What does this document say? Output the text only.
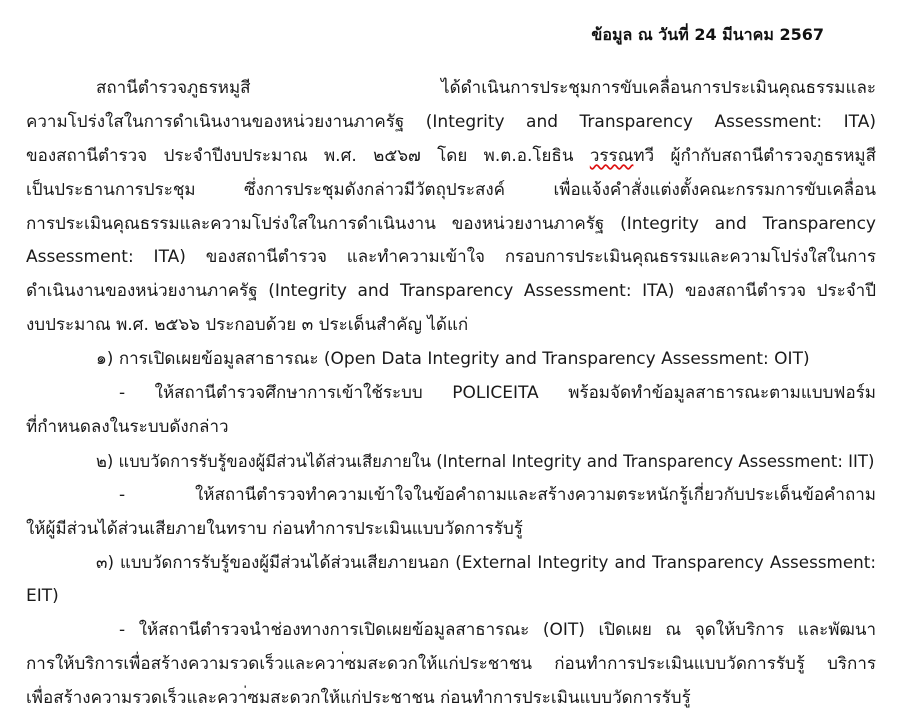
ข้อมูล ณ วันที่ 24 มีนาคม 2567
สถานีตำรวจภูธรหมูสี ได้ดำเนินการประชุมการขับเคลื่อนการประเมินคุณธรรมและ
ความโปร่งใสในการดำเนินงานของหน่วยงานภาครัฐ (Integrity and Transparency Assessment: ITA)
ของสถานีตำรวจ ประจำปีงบประมาณ พ.ศ. ๒๕๖๗ โดย พ.ต.อ.โยธิน วรรณทวี ผู้กำกับสถานีตำรวจภูธรหมูสี
เป็นประธานการประชุม ซึ่งการประชุมดังกล่าวมีวัตถุประสงค์ เพื่อแจ้งคำสั่งแต่งตั้งคณะกรรมการขับเคลื่อน
การประเมินคุณธรรมและความโปร่งใสในการดำเนินงาน ของหน่วยงานภาครัฐ (Integrity and Transparency
Assessment: ITA) ของสถานีตำรวจ และทำความเข้าใจ กรอบการประเมินคุณธรรมและความโปร่งใสในการ
ดำเนินงานของหน่วยงานภาครัฐ (Integrity and Transparency Assessment: ITA) ของสถานีตำรวจ ประจำปี
งบประมาณ พ.ศ. ๒๕๖๖ ประกอบด้วย ๓ ประเด็นสำคัญ ได้แก่
๑) การเปิดเผยข้อมูลสาธารณะ (Open Data Integrity and Transparency Assessment: OIT)
- ให้สถานีตำรวจศึกษาการเข้าใช้ระบบ POLICEITA พร้อมจัดทำข้อมูลสาธารณะตามแบบฟอร์ม
ที่กำหนดลงในระบบดังกล่าว
๒) แบบวัดการรับรู้ของผู้มีส่วนได้ส่วนเสียภายใน (Internal Integrity and Transparency Assessment: IIT)
- ให้สถานีตำรวจทำความเข้าใจในข้อคำถามและสร้างความตระหนักรู้เกี่ยวกับประเด็นข้อคำถาม
ให้ผู้มีส่วนได้ส่วนเสียภายในทราบ ก่อนทำการประเมินแบบวัดการรับรู้
๓) แบบวัดการรับรู้ของผู้มีส่วนได้ส่วนเสียภายนอก (External Integrity and Transparency Assessment:
EIT)
- ให้สถานีตำรวจนำช่องทางการเปิดเผยข้อมูลสาธารณะ (OIT) เปิดเผย ณ จุดให้บริการ และพัฒนา
การให้บริการเพื่อสร้างความรวดเร็วและควา่ซมสะดวกให้แก่ประชาชน ก่อนทำการประเมินแบบวัดการรับรู้ บริการ
เพื่อสร้างความรวดเร็วและควา่ซมสะดวกให้แก่ประชาชน ก่อนทำการประเมินแบบวัดการรับรู้
